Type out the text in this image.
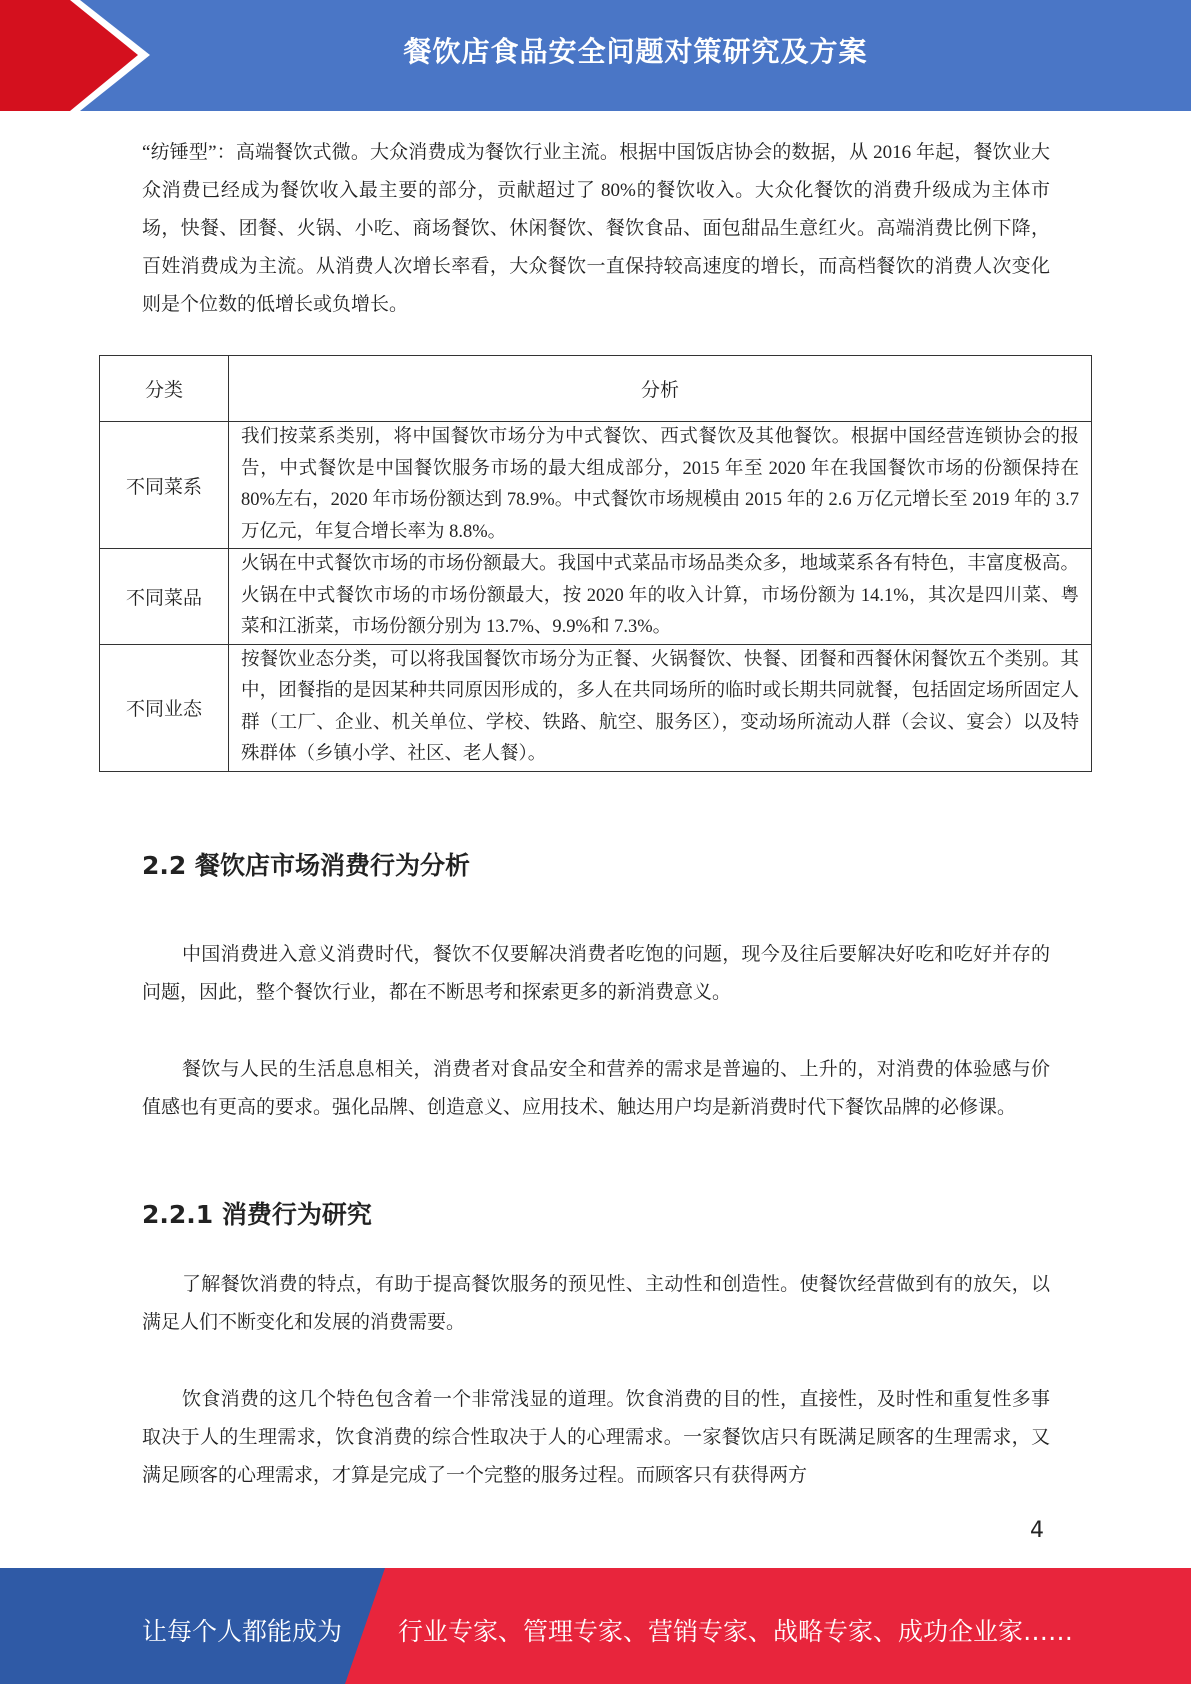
餐饮店食品安全问题对策研究及方案

“纺锤型”：高端餐饮式微。大众消费成为餐饮行业主流。根据中国饭店协会的数据，从 2016 年起，餐饮业大众消费已经成为餐饮收入最主要的部分，贡献超过了 80%的餐饮收入。大众化餐饮的消费升级成为主体市场，快餐、团餐、火锅、小吃、商场餐饮、休闲餐饮、餐饮食品、面包甜品生意红火。高端消费比例下降，百姓消费成为主流。从消费人次增长率看，大众餐饮一直保持较高速度的增长，而高档餐饮的消费人次变化则是个位数的低增长或负增长。

分类	分析
不同菜系	我们按菜系类别，将中国餐饮市场分为中式餐饮、西式餐饮及其他餐饮。根据中国经营连锁协会的报告，中式餐饮是中国餐饮服务市场的最大组成部分，2015 年至 2020 年在我国餐饮市场的份额保持在 80%左右，2020 年市场份额达到 78.9%。中式餐饮市场规模由 2015 年的 2.6 万亿元增长至 2019 年的 3.7 万亿元，年复合增长率为 8.8%。
不同菜品	火锅在中式餐饮市场的市场份额最大。我国中式菜品市场品类众多，地域菜系各有特色，丰富度极高。火锅在中式餐饮市场的市场份额最大，按 2020 年的收入计算，市场份额为 14.1%，其次是四川菜、粤菜和江浙菜，市场份额分别为 13.7%、9.9%和 7.3%。
不同业态	按餐饮业态分类，可以将我国餐饮市场分为正餐、火锅餐饮、快餐、团餐和西餐休闲餐饮五个类别。其中，团餐指的是因某种共同原因形成的，多人在共同场所的临时或长期共同就餐，包括固定场所固定人群（工厂、企业、机关单位、学校、铁路、航空、服务区），变动场所流动人群（会议、宴会）以及特殊群体（乡镇小学、社区、老人餐）。
2.2 餐饮店市场消费行为分析

中国消费进入意义消费时代，餐饮不仅要解决消费者吃饱的问题，现今及往后要解决好吃和吃好并存的问题，因此，整个餐饮行业，都在不断思考和探索更多的新消费意义。

餐饮与人民的生活息息相关，消费者对食品安全和营养的需求是普遍的、上升的，对消费的体验感与价值感也有更高的要求。强化品牌、创造意义、应用技术、触达用户均是新消费时代下餐饮品牌的必修课。

2.2.1 消费行为研究

了解餐饮消费的特点，有助于提高餐饮服务的预见性、主动性和创造性。使餐饮经营做到有的放矢，以满足人们不断变化和发展的消费需要。

饮食消费的这几个特色包含着一个非常浅显的道理。饮食消费的目的性，直接性，及时性和重复性多事取决于人的生理需求，饮食消费的综合性取决于人的心理需求。一家餐饮店只有既满足顾客的生理需求，又满足顾客的心理需求，才算是完成了一个完整的服务过程。而顾客只有获得两方

4
让每个人都能成为 行业专家、管理专家、营销专家、战略专家、成功企业家……
